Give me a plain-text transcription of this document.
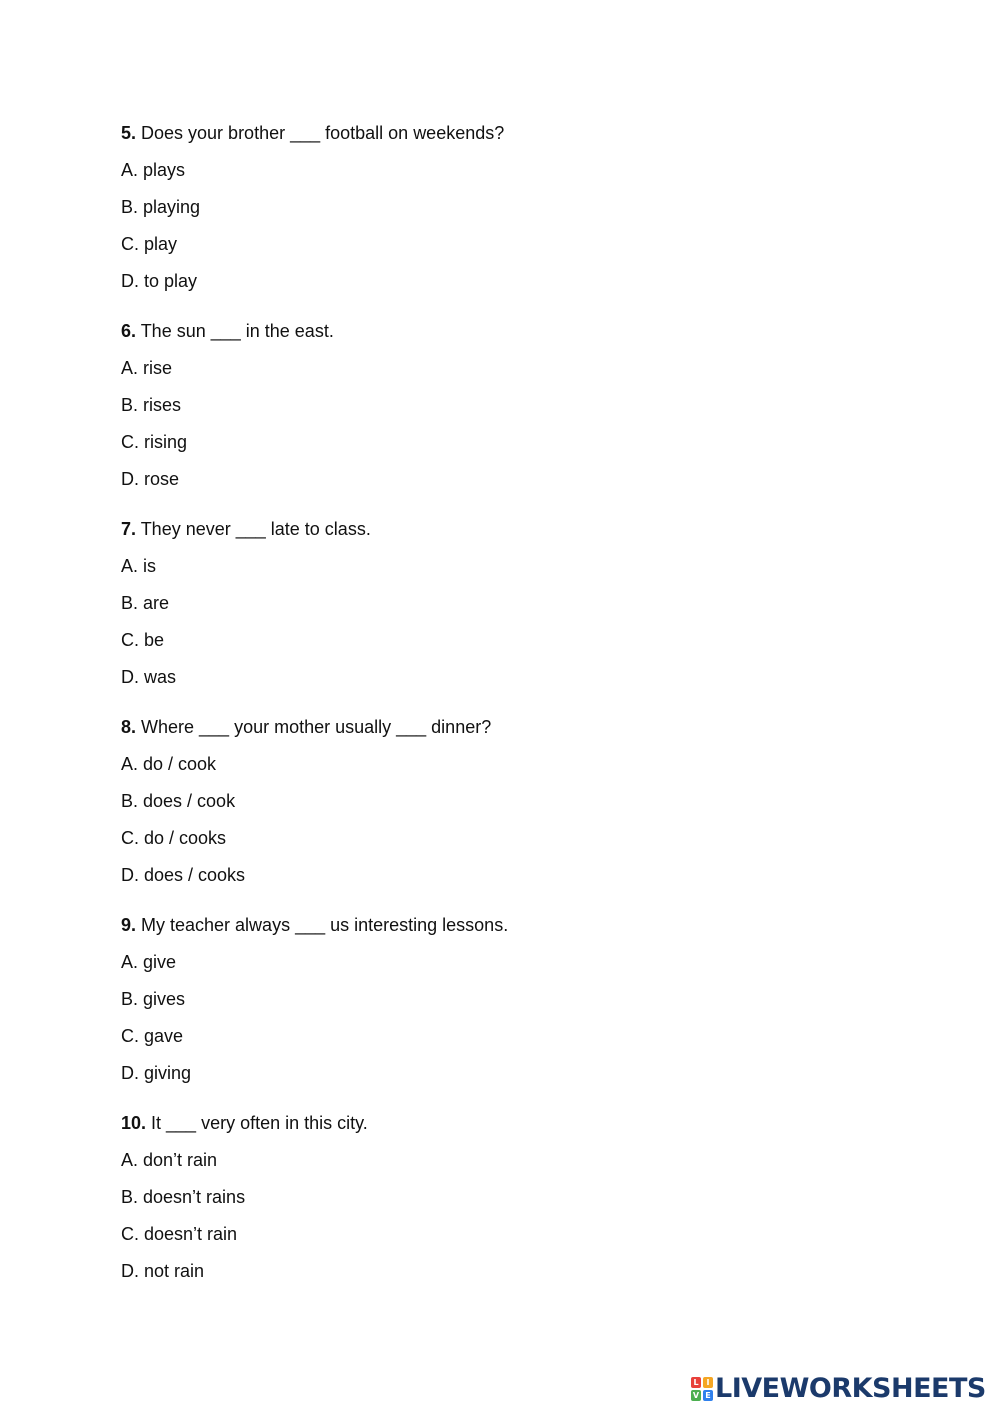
5. Does your brother ___ football on weekends?
A. plays
B. playing
C. play
D. to play
6. The sun ___ in the east.
A. rise
B. rises
C. rising
D. rose
7. They never ___ late to class.
A. is
B. are
C. be
D. was
8. Where ___ your mother usually ___ dinner?
A. do / cook
B. does / cook
C. do / cooks
D. does / cooks
9. My teacher always ___ us interesting lessons.
A. give
B. gives
C. gave
D. giving
10. It ___ very often in this city.
A. don’t rain
B. doesn’t rains
C. doesn’t rain
D. not rain
L I
V E LIVEWORKSHEETS
